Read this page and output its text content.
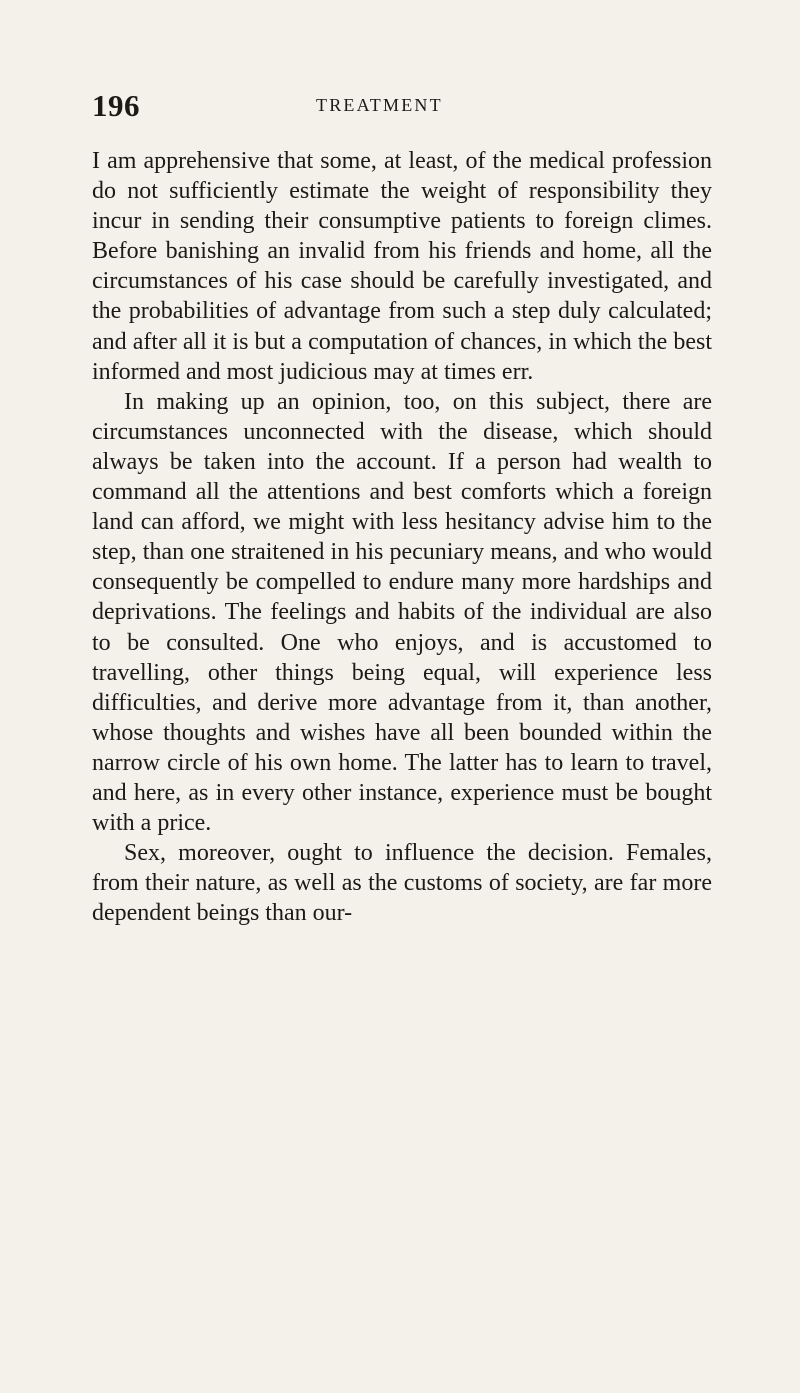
196	TREATMENT

I am apprehensive that some, at least, of the medical profession do not sufficiently estimate the weight of responsibility they incur in sending their consumptive patients to foreign climes. Before banishing an invalid from his friends and home, all the circumstances of his case should be carefully investigated, and the probabilities of advantage from such a step duly calculated; and after all it is but a computation of chances, in which the best informed and most judicious may at times err.

In making up an opinion, too, on this subject, there are circumstances unconnected with the disease, which should always be taken into the account. If a person had wealth to command all the attentions and best comforts which a foreign land can afford, we might with less hesitancy advise him to the step, than one straitened in his pecuniary means, and who would consequently be compelled to endure many more hardships and deprivations. The feelings and habits of the individual are also to be consulted. One who enjoys, and is accustomed to travelling, other things being equal, will experience less difficulties, and derive more advantage from it, than another, whose thoughts and wishes have all been bounded within the narrow circle of his own home. The latter has to learn to travel, and here, as in every other instance, experience must be bought with a price.

Sex, moreover, ought to influence the decision. Females, from their nature, as well as the customs of society, are far more dependent beings than our-
